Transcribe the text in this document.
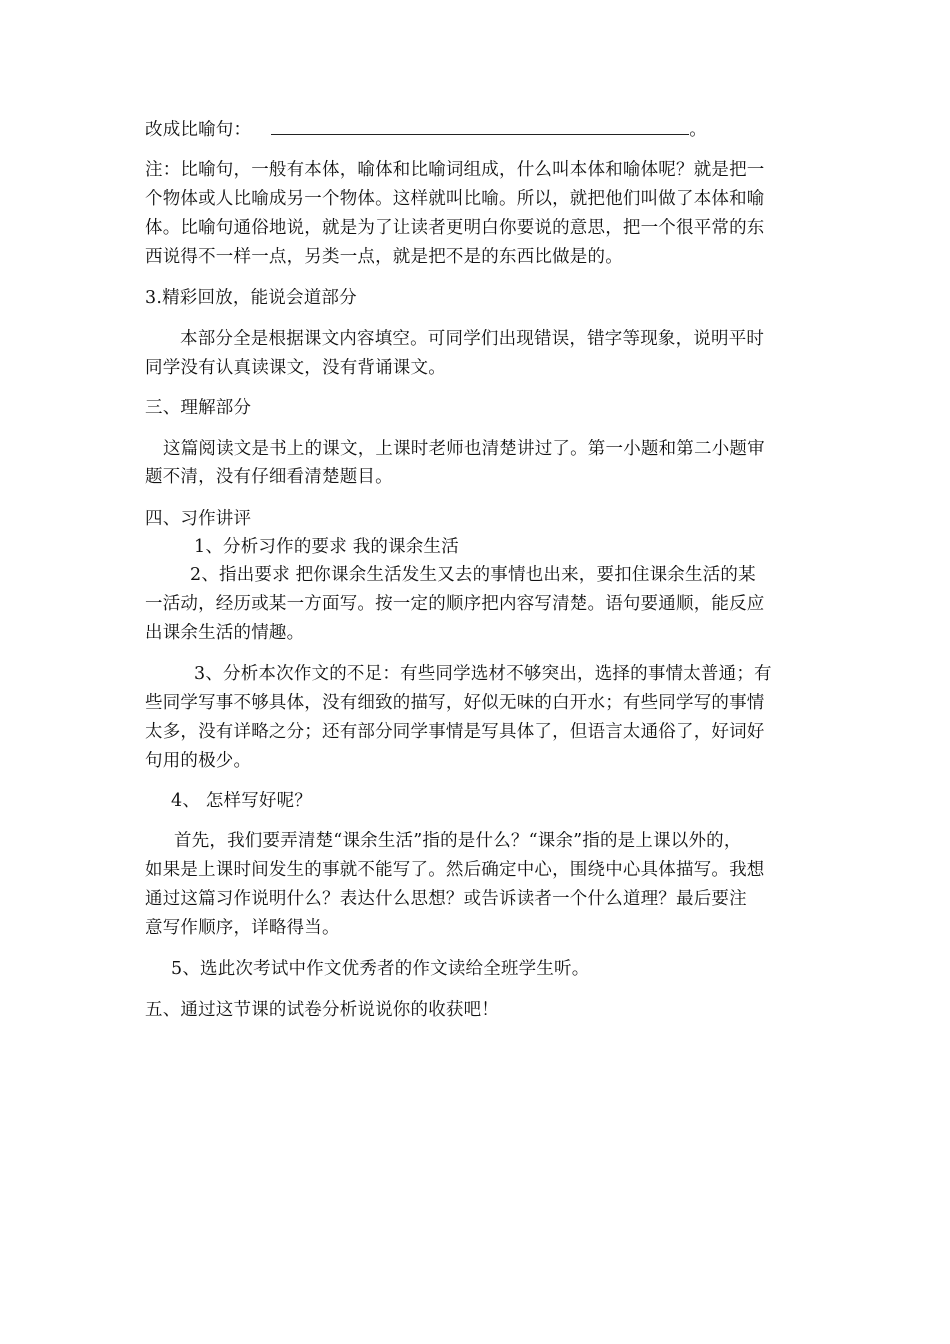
改成比喻句：	。
注：比喻句，一般有本体，喻体和比喻词组成，什么叫本体和喻体呢？就是把一
个物体或人比喻成另一个物体。这样就叫比喻。所以，就把他们叫做了本体和喻
体。比喻句通俗地说，就是为了让读者更明白你要说的意思，把一个很平常的东
西说得不一样一点，另类一点，就是把不是的东西比做是的。
3.精彩回放，能说会道部分
本部分全是根据课文内容填空。可同学们出现错误，错字等现象，说明平时
同学没有认真读课文，没有背诵课文。
三、理解部分
这篇阅读文是书上的课文，上课时老师也清楚讲过了。第一小题和第二小题审
题不清，没有仔细看清楚题目。
四、习作讲评
1、分析习作的要求 我的课余生活
2、指出要求 把你课余生活发生又去的事情也出来，要扣住课余生活的某
一活动，经历或某一方面写。按一定的顺序把内容写清楚。语句要通顺，能反应
出课余生活的情趣。
3、分析本次作文的不足：有些同学选材不够突出，选择的事情太普通；有
些同学写事不够具体，没有细致的描写，好似无味的白开水；有些同学写的事情
太多，没有详略之分；还有部分同学事情是写具体了，但语言太通俗了，好词好
句用的极少。
4、 怎样写好呢？
首先，我们要弄清楚“课余生活”指的是什么？“课余”指的是上课以外的，
如果是上课时间发生的事就不能写了。然后确定中心，围绕中心具体描写。我想
通过这篇习作说明什么？表达什么思想？或告诉读者一个什么道理？最后要注
意写作顺序，详略得当。
5、选此次考试中作文优秀者的作文读给全班学生听。
五、通过这节课的试卷分析说说你的收获吧！
